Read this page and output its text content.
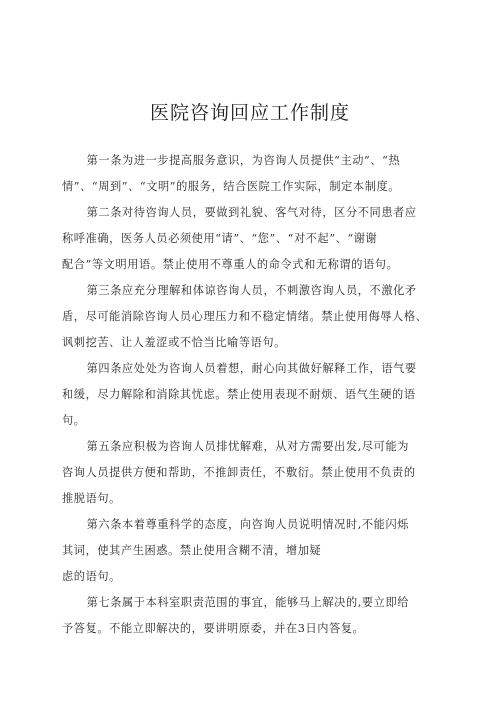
医院咨询回应工作制度
第一条为进一步提高服务意识，为咨询人员提供“主动”、“热
情”、“周到”、“文明”的服务，结合医院工作实际，制定本制度。
第二条对待咨询人员，要做到礼貌、客气对待，区分不同患者应
称呼准确，医务人员必须使用“请”、“您”、“对不起”、“谢谢
配合”等文明用语。禁止使用不尊重人的命令式和无称谓的语句。
第三条应充分理解和体谅咨询人员，不刺激咨询人员，不激化矛
盾，尽可能消除咨询人员心理压力和不稳定情绪。禁止使用侮辱人格、
讽刺挖苦、让人羞涩或不恰当比喻等语句。
第四条应处处为咨询人员着想，耐心向其做好解释工作，语气要
和缓，尽力解除和消除其忧虑。禁止使用表现不耐烦、语气生硬的语
句。
第五条应积极为咨询人员排忧解难，从对方需要出发,尽可能为
咨询人员提供方便和帮助，不推卸责任，不敷衍。禁止使用不负责的
推脱语句。
第六条本着尊重科学的态度，向咨询人员说明情况时,不能闪烁
其词，使其产生困惑。禁止使用含糊不清，增加疑
虑的语句。
第七条属于本科室职责范围的事宜，能够马上解决的,要立即给
予答复。不能立即解决的，要讲明原委，并在3日内答复。
